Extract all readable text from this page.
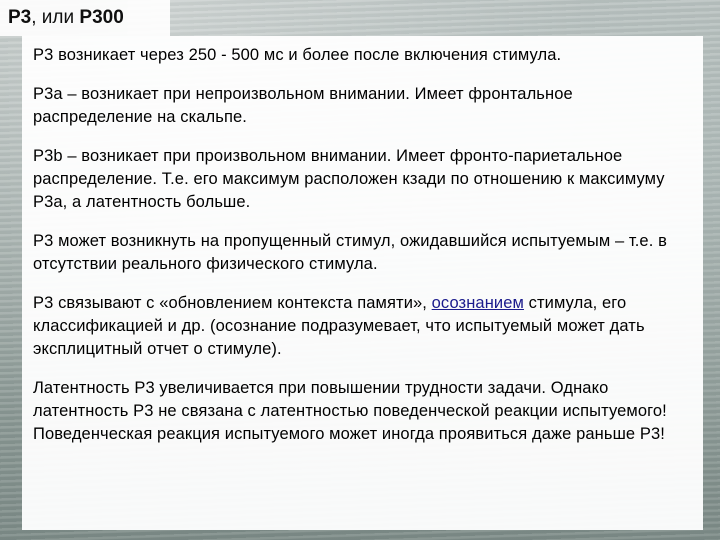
P3, или P300

P3 возникает через 250 - 500 мс и более после включения стимула.

P3a – возникает при непроизвольном внимании. Имеет фронтальное распределение на скальпе.

P3b – возникает при произвольном внимании. Имеет фронто-париетальное распределение. Т.е. его максимум расположен кзади по отношению к максимуму P3a, а латентность больше.

P3 может возникнуть на пропущенный стимул, ожидавшийся испытуемым – т.е. в отсутствии реального физического стимула.

P3 связывают с «обновлением контекста памяти», осознанием стимула, его классификацией и др. (осознание подразумевает, что испытуемый может дать эксплицитный отчет о стимуле).

Латентность P3 увеличивается при повышении трудности задачи. Однако латентность P3 не связана с латентностью поведенческой реакции испытуемого! Поведенческая реакция испытуемого может иногда проявиться даже раньше P3!
